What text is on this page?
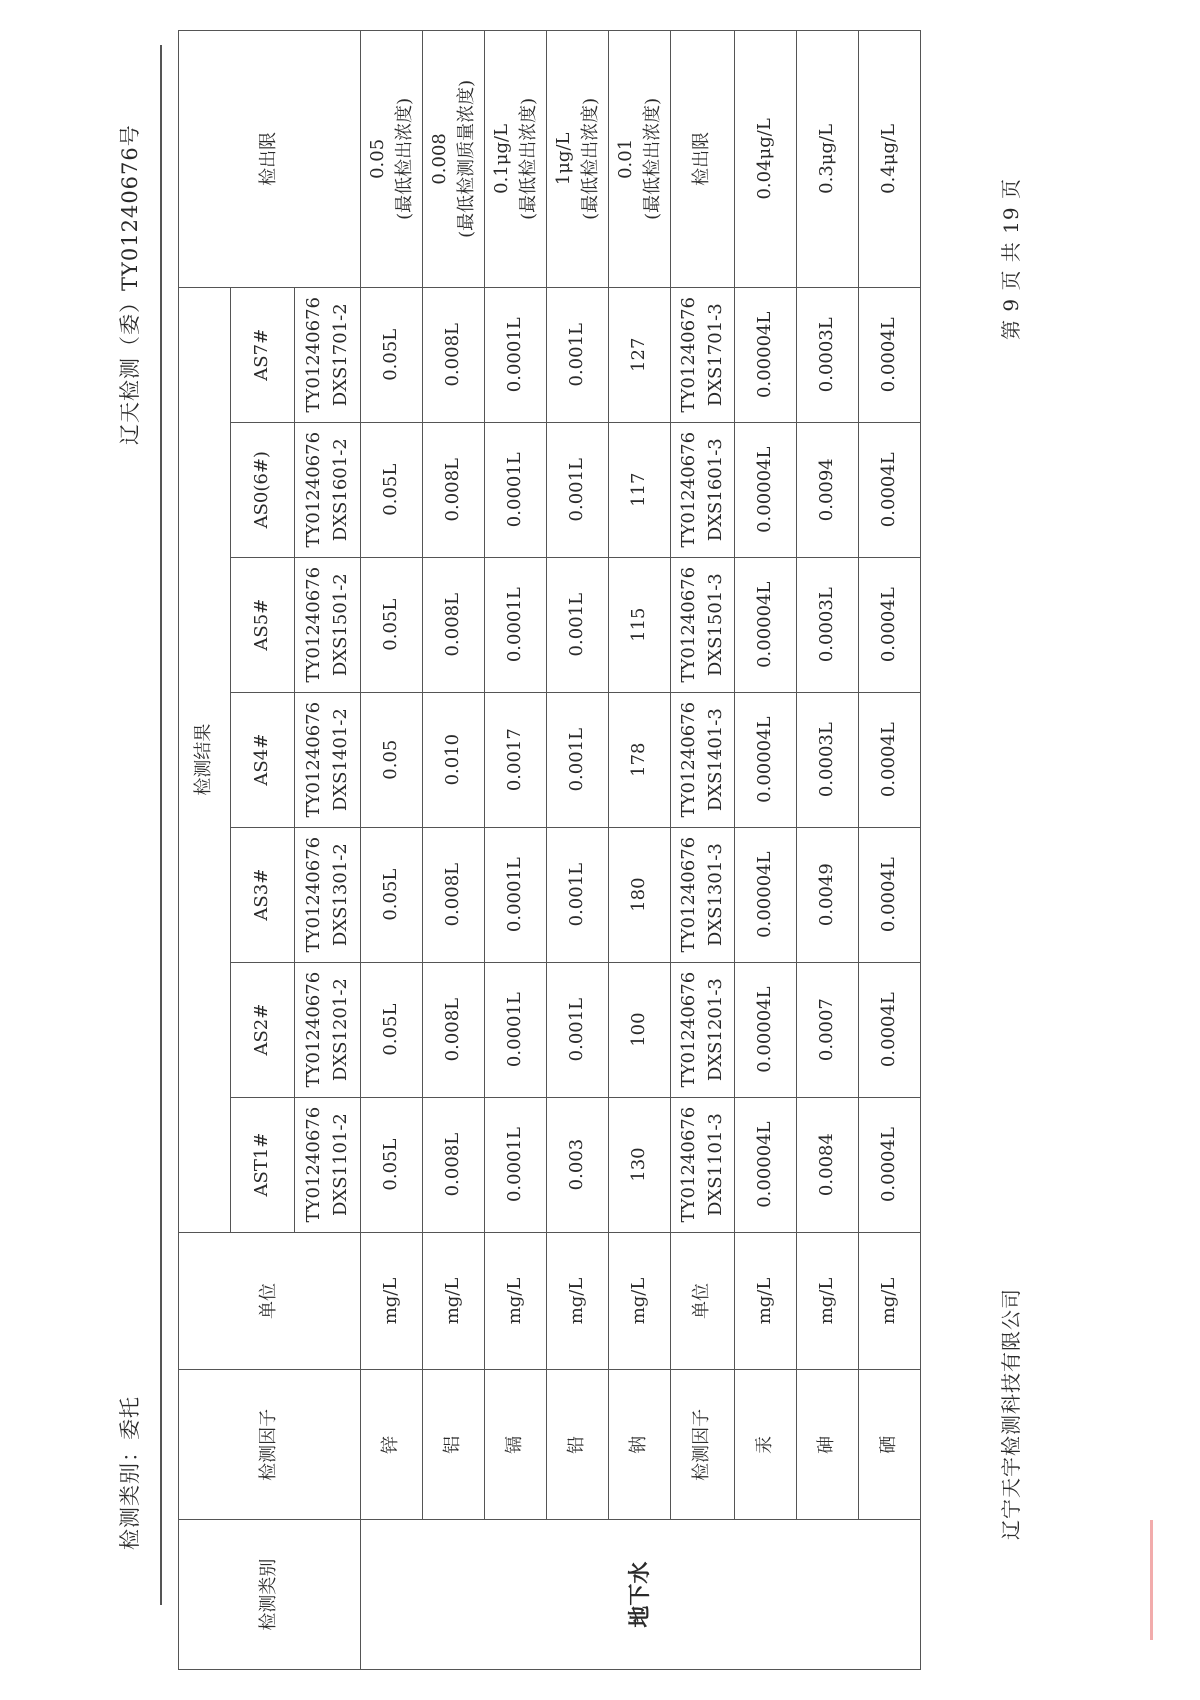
检测类别：委托
辽天检测（委）TY01240676号
检测类别	检测因子	单位	检测结果							检出限
			AST1#	AS2#	AS3#	AS4#	AS5#	AS0(6#)	AS7#	
			TY01240676 DXS1101-2	TY01240676 DXS1201-2	TY01240676 DXS1301-2	TY01240676 DXS1401-2	TY01240676 DXS1501-2	TY01240676 DXS1601-2	TY01240676 DXS1701-2	
地下水	锌	mg/L	0.05L	0.05L	0.05L	0.05	0.05L	0.05L	0.05L	0.05 (最低检出浓度)
	铝	mg/L	0.008L	0.008L	0.008L	0.010	0.008L	0.008L	0.008L	0.008 (最低检测质量浓度)
	镉	mg/L	0.0001L	0.0001L	0.0001L	0.0017	0.0001L	0.0001L	0.0001L	0.1μg/L (最低检出浓度)
	铅	mg/L	0.003	0.001L	0.001L	0.001L	0.001L	0.001L	0.001L	1μg/L (最低检出浓度)
	钠	mg/L	130	100	180	178	115	117	127	0.01 (最低检出浓度)
	检测因子	单位	TY01240676 DXS1101-3	TY01240676 DXS1201-3	TY01240676 DXS1301-3	TY01240676 DXS1401-3	TY01240676 DXS1501-3	TY01240676 DXS1601-3	TY01240676 DXS1701-3	检出限
	汞	mg/L	0.00004L	0.00004L	0.00004L	0.00004L	0.00004L	0.00004L	0.00004L	0.04μg/L
	砷	mg/L	0.0084	0.0007	0.0049	0.0003L	0.0003L	0.0094	0.0003L	0.3μg/L
	硒	mg/L	0.0004L	0.0004L	0.0004L	0.0004L	0.0004L	0.0004L	0.0004L	0.4μg/L
辽宁天宇检测科技有限公司
第 9 页 共 19 页
